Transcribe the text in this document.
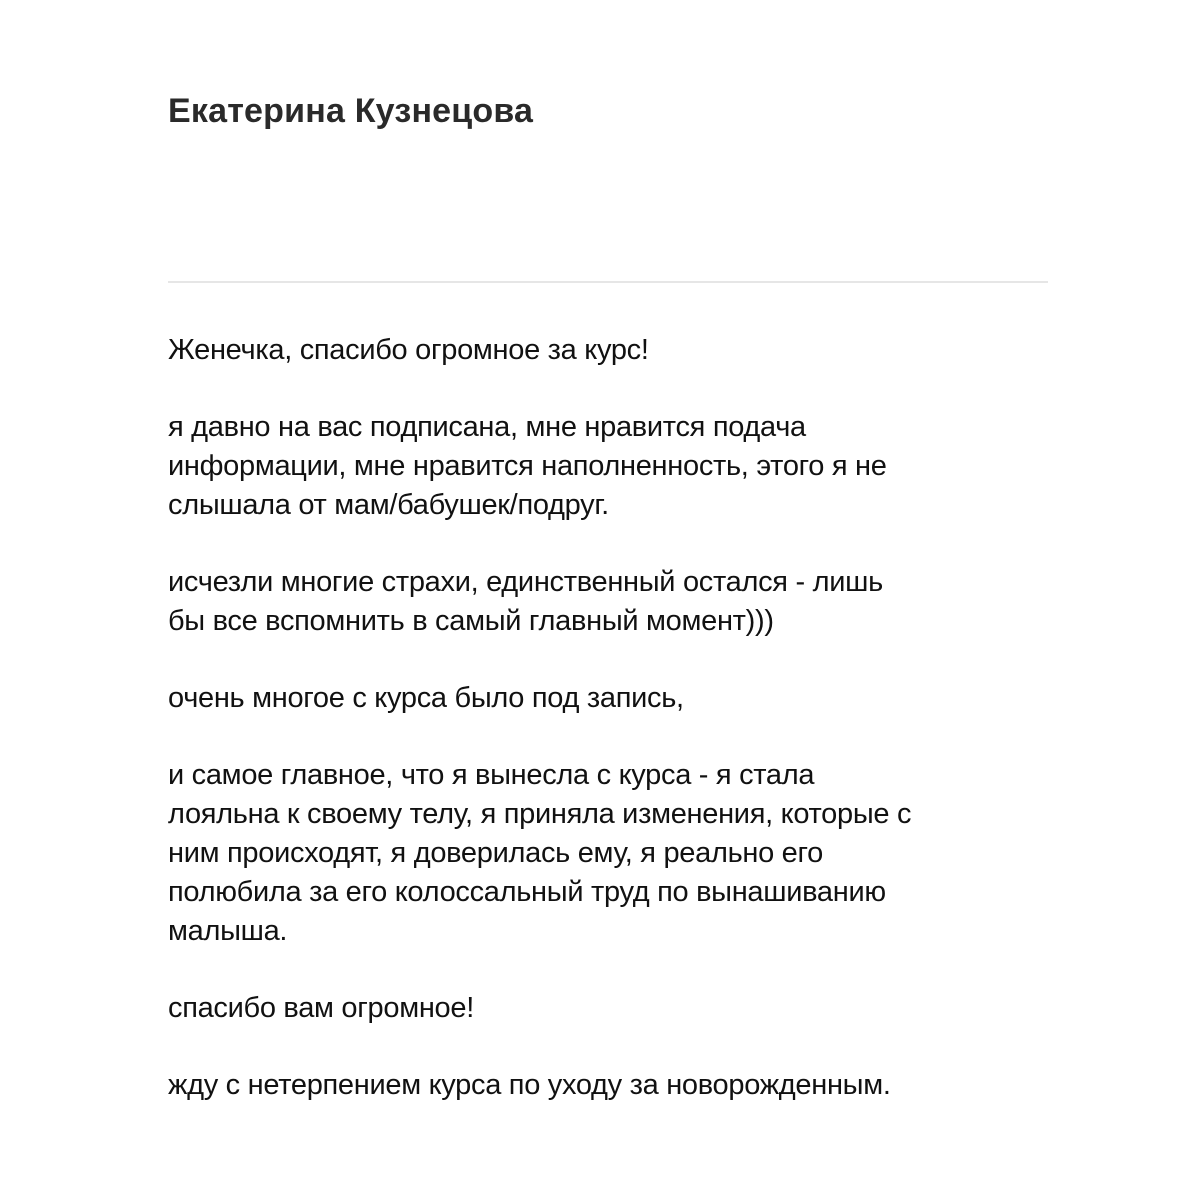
Екатерина Кузнецова

Женечка, спасибо огромное за курс!

я давно на вас подписана, мне нравится подача
информации, мне нравится наполненность, этого я не
слышала от мам/бабушек/подруг.

исчезли многие страхи, единственный остался - лишь
бы все вспомнить в самый главный момент)))

очень многое с курса было под запись,

и самое главное, что я вынесла с курса - я стала
лояльна к своему телу, я приняла изменения, которые с
ним происходят, я доверилась ему, я реально его
полюбила за его колоссальный труд по вынашиванию
малыша.

спасибо вам огромное!

жду с нетерпением курса по уходу за новорожденным.
